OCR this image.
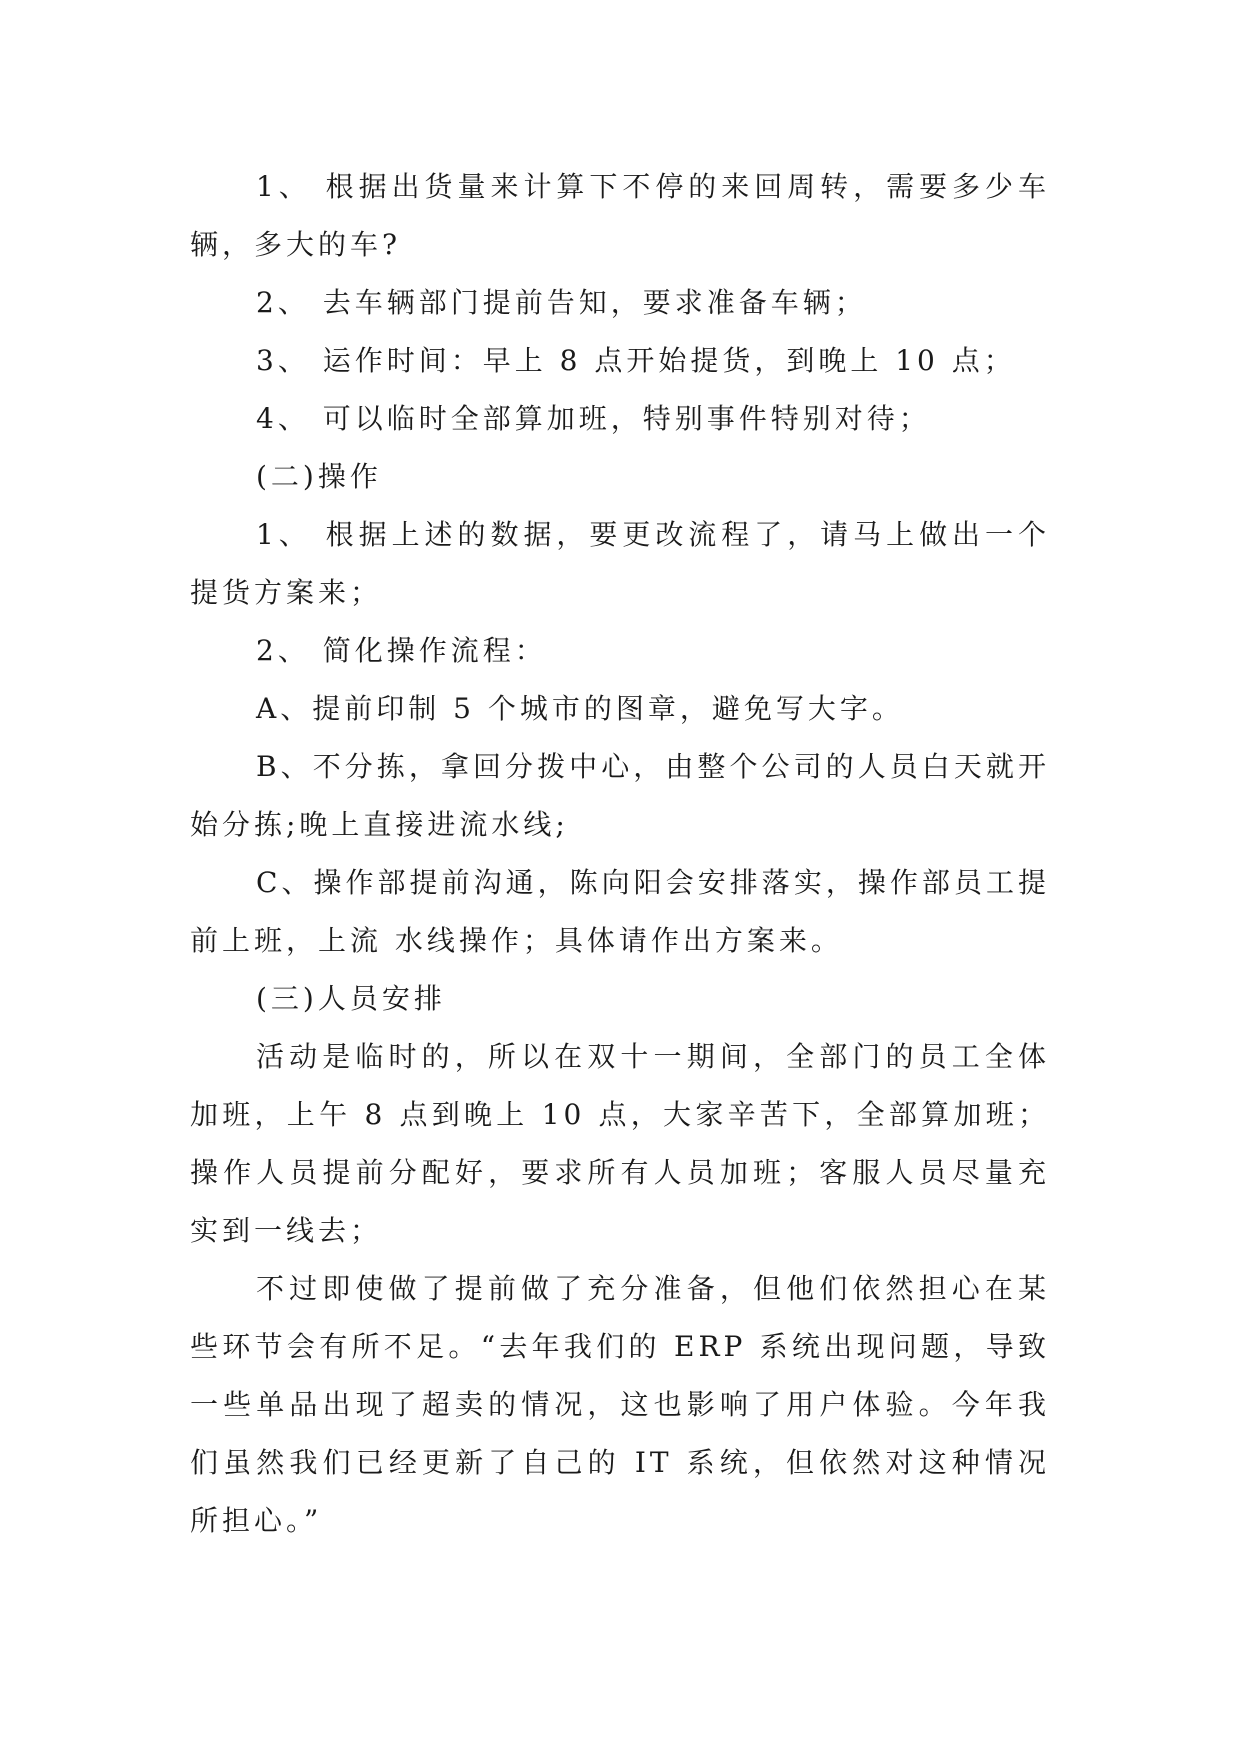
1、 根据出货量来计算下不停的来回周转，需要多少车辆，多大的车?

2、 去车辆部门提前告知，要求准备车辆；

3、 运作时间：早上 8 点开始提货，到晚上 10 点；

4、 可以临时全部算加班，特别事件特别对待；

(二)操作

1、 根据上述的数据，要更改流程了，请马上做出一个提货方案来；

2、 简化操作流程：

A、提前印制 5 个城市的图章，避免写大字。

B、不分拣，拿回分拨中心，由整个公司的人员白天就开始分拣;晚上直接进流水线;

C、操作部提前沟通，陈向阳会安排落实，操作部员工提前上班，上流 水线操作；具体请作出方案来。

(三)人员安排

活动是临时的，所以在双十一期间，全部门的员工全体加班，上午 8 点到晚上 10 点，大家辛苦下，全部算加班；操作人员提前分配好，要求所有人员加班；客服人员尽量充实到一线去；

不过即使做了提前做了充分准备，但他们依然担心在某些环节会有所不足。“去年我们的 ERP 系统出现问题，导致一些单品出现了超卖的情况，这也影响了用户体验。今年我们虽然我们已经更新了自己的 IT 系统，但依然对这种情况所担心。”
